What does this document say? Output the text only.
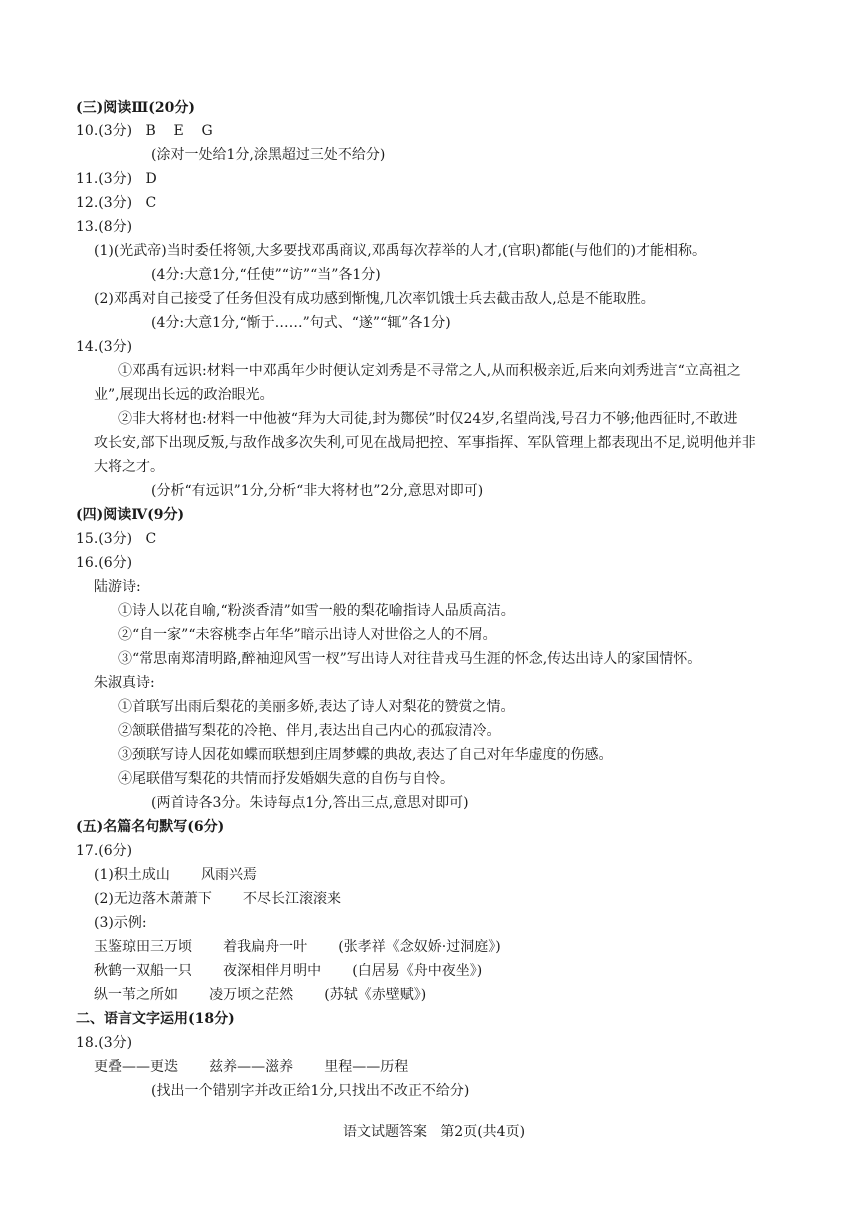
(三)阅读Ⅲ(20分)
10.(3分)   B    E    G
(涂对一处给1分,涂黑超过三处不给分)
11.(3分)   D
12.(3分)   C
13.(8分)
(1)(光武帝)当时委任将领,大多要找邓禹商议,邓禹每次荐举的人才,(官职)都能(与他们的)才能相称。
(4分:大意1分,“任使”“访”“当”各1分)
(2)邓禹对自己接受了任务但没有成功感到惭愧,几次率饥饿士兵去截击敌人,总是不能取胜。
(4分:大意1分,“惭于……”句式、“遂”“辄”各1分)
14.(3分)
①邓禹有远识:材料一中邓禹年少时便认定刘秀是不寻常之人,从而积极亲近,后来向刘秀进言“立高祖之
业”,展现出长远的政治眼光。
②非大将材也:材料一中他被“拜为大司徒,封为酂侯”时仅24岁,名望尚浅,号召力不够;他西征时,不敢进
攻长安,部下出现反叛,与敌作战多次失利,可见在战局把控、军事指挥、军队管理上都表现出不足,说明他并非
大将之才。
(分析“有远识”1分,分析“非大将材也”2分,意思对即可)
(四)阅读Ⅳ(9分)
15.(3分)   C
16.(6分)
陆游诗:
①诗人以花自喻,“粉淡香清”如雪一般的梨花喻指诗人品质高洁。
②“自一家”“未容桃李占年华”暗示出诗人对世俗之人的不屑。
③“常思南郑清明路,醉袖迎风雪一杈”写出诗人对往昔戎马生涯的怀念,传达出诗人的家国情怀。
朱淑真诗:
①首联写出雨后梨花的美丽多娇,表达了诗人对梨花的赞赏之情。
②颔联借描写梨花的冷艳、伴月,表达出自己内心的孤寂清冷。
③颈联写诗人因花如蝶而联想到庄周梦蝶的典故,表达了自己对年华虚度的伤感。
④尾联借写梨花的共情而抒发婚姻失意的自伤与自怜。
(两首诗各3分。朱诗每点1分,答出三点,意思对即可)
(五)名篇名句默写(6分)
17.(6分)
(1)积土成山       风雨兴焉
(2)无边落木萧萧下       不尽长江滚滚来
(3)示例:
玉鉴琼田三万顷       着我扁舟一叶       (张孝祥《念奴娇·过洞庭》)
秋鹤一双船一只       夜深相伴月明中       (白居易《舟中夜坐》)
纵一苇之所如       凌万顷之茫然       (苏轼《赤壁赋》)
二、语言文字运用(18分)
18.(3分)
更叠——更迭       兹养——滋养       里程——历程
(找出一个错别字并改正给1分,只找出不改正不给分)
语文试题答案   第2页(共4页)
